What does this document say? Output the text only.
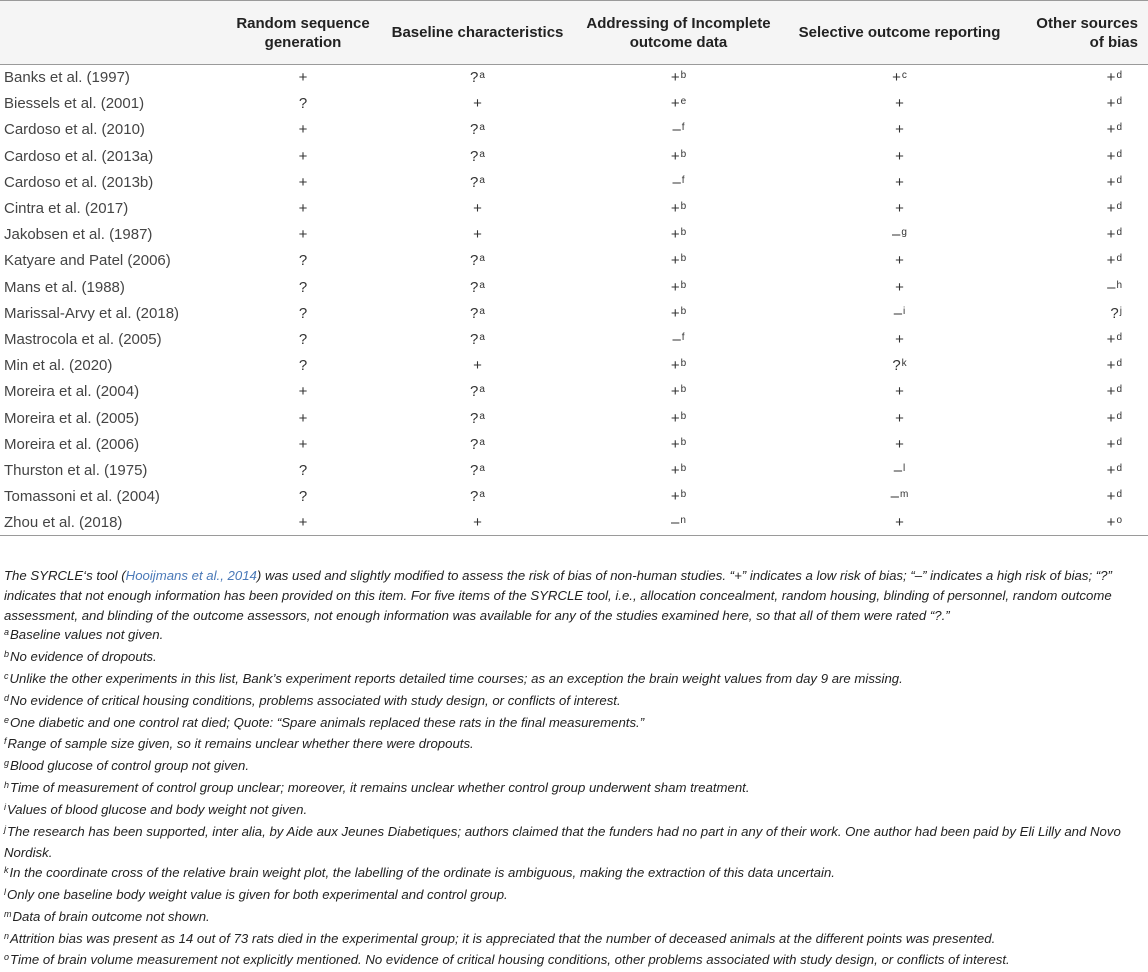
	Random sequence generation	Baseline characteristics	Addressing of Incomplete outcome data	Selective outcome reporting	Other sources of bias
Banks et al. (1997)	+	?$^a$	+$^b$	+$^c$	+$^d$
Biessels et al. (2001)	?	+	+$^e$	+	+$^d$
Cardoso et al. (2010)	+	?$^a$	–$^f$	+	+$^d$
Cardoso et al. (2013a)	+	?$^a$	+$^b$	+	+$^d$
Cardoso et al. (2013b)	+	?$^a$	–$^f$	+	+$^d$
Cintra et al. (2017)	+	+	+$^b$	+	+$^d$
Jakobsen et al. (1987)	+	+	+$^b$	–$^g$	+$^d$
Katyare and Patel (2006)	?	?$^a$	+$^b$	+	+$^d$
Mans et al. (1988)	?	?$^a$	+$^b$	+	–$^h$
Marissal-Arvy et al. (2018)	?	?$^a$	+$^b$	–$^i$	?$^j$
Mastrocola et al. (2005)	?	?$^a$	–$^f$	+	+$^d$
Min et al. (2020)	?	+	+$^b$	?$^k$	+$^d$
Moreira et al. (2004)	+	?$^a$	+$^b$	+	+$^d$
Moreira et al. (2005)	+	?$^a$	+$^b$	+	+$^d$
Moreira et al. (2006)	+	?$^a$	+$^b$	+	+$^d$
Thurston et al. (1975)	?	?$^a$	+$^b$	–$^l$	+$^d$
Tomassoni et al. (2004)	?	?$^a$	+$^b$	–$^m$	+$^d$
Zhou et al. (2018)	+	+	–$^n$	+	+$^o$

The SYRCLE‘s tool (Hooijmans et al., 2014) was used and slightly modified to assess the risk of bias of non-human studies. “+” indicates a low risk of bias; “–” indicates a high risk of bias; “?” indicates that not enough information has been provided on this item. For five items of the SYRCLE tool, i.e., allocation concealment, random housing, blinding of personnel, random outcome assessment, and blinding of the outcome assessors, not enough information was available for any of the studies examined here, so that all of them were rated “?.”

$^a$Baseline values not given.

$^b$No evidence of dropouts.

$^c$Unlike the other experiments in this list, Bank’s experiment reports detailed time courses; as an exception the brain weight values from day 9 are missing.

$^d$No evidence of critical housing conditions, problems associated with study design, or conflicts of interest.

$^e$One diabetic and one control rat died; Quote: “Spare animals replaced these rats in the final measurements.”

$^f$Range of sample size given, so it remains unclear whether there were dropouts.

$^g$Blood glucose of control group not given.

$^h$Time of measurement of control group unclear; moreover, it remains unclear whether control group underwent sham treatment.

$^i$Values of blood glucose and body weight not given.

$^j$The research has been supported, inter alia, by Aide aux Jeunes Diabetiques; authors claimed that the funders had no part in any of their work. One author had been paid by Eli Lilly and Novo Nordisk.

$^k$In the coordinate cross of the relative brain weight plot, the labelling of the ordinate is ambiguous, making the extraction of this data uncertain.

$^l$Only one baseline body weight value is given for both experimental and control group.

$^m$Data of brain outcome not shown.

$^n$Attrition bias was present as 14 out of 73 rats died in the experimental group; it is appreciated that the number of deceased animals at the different points was presented.

$^o$Time of brain volume measurement not explicitly mentioned. No evidence of critical housing conditions, other problems associated with study design, or conflicts of interest.
